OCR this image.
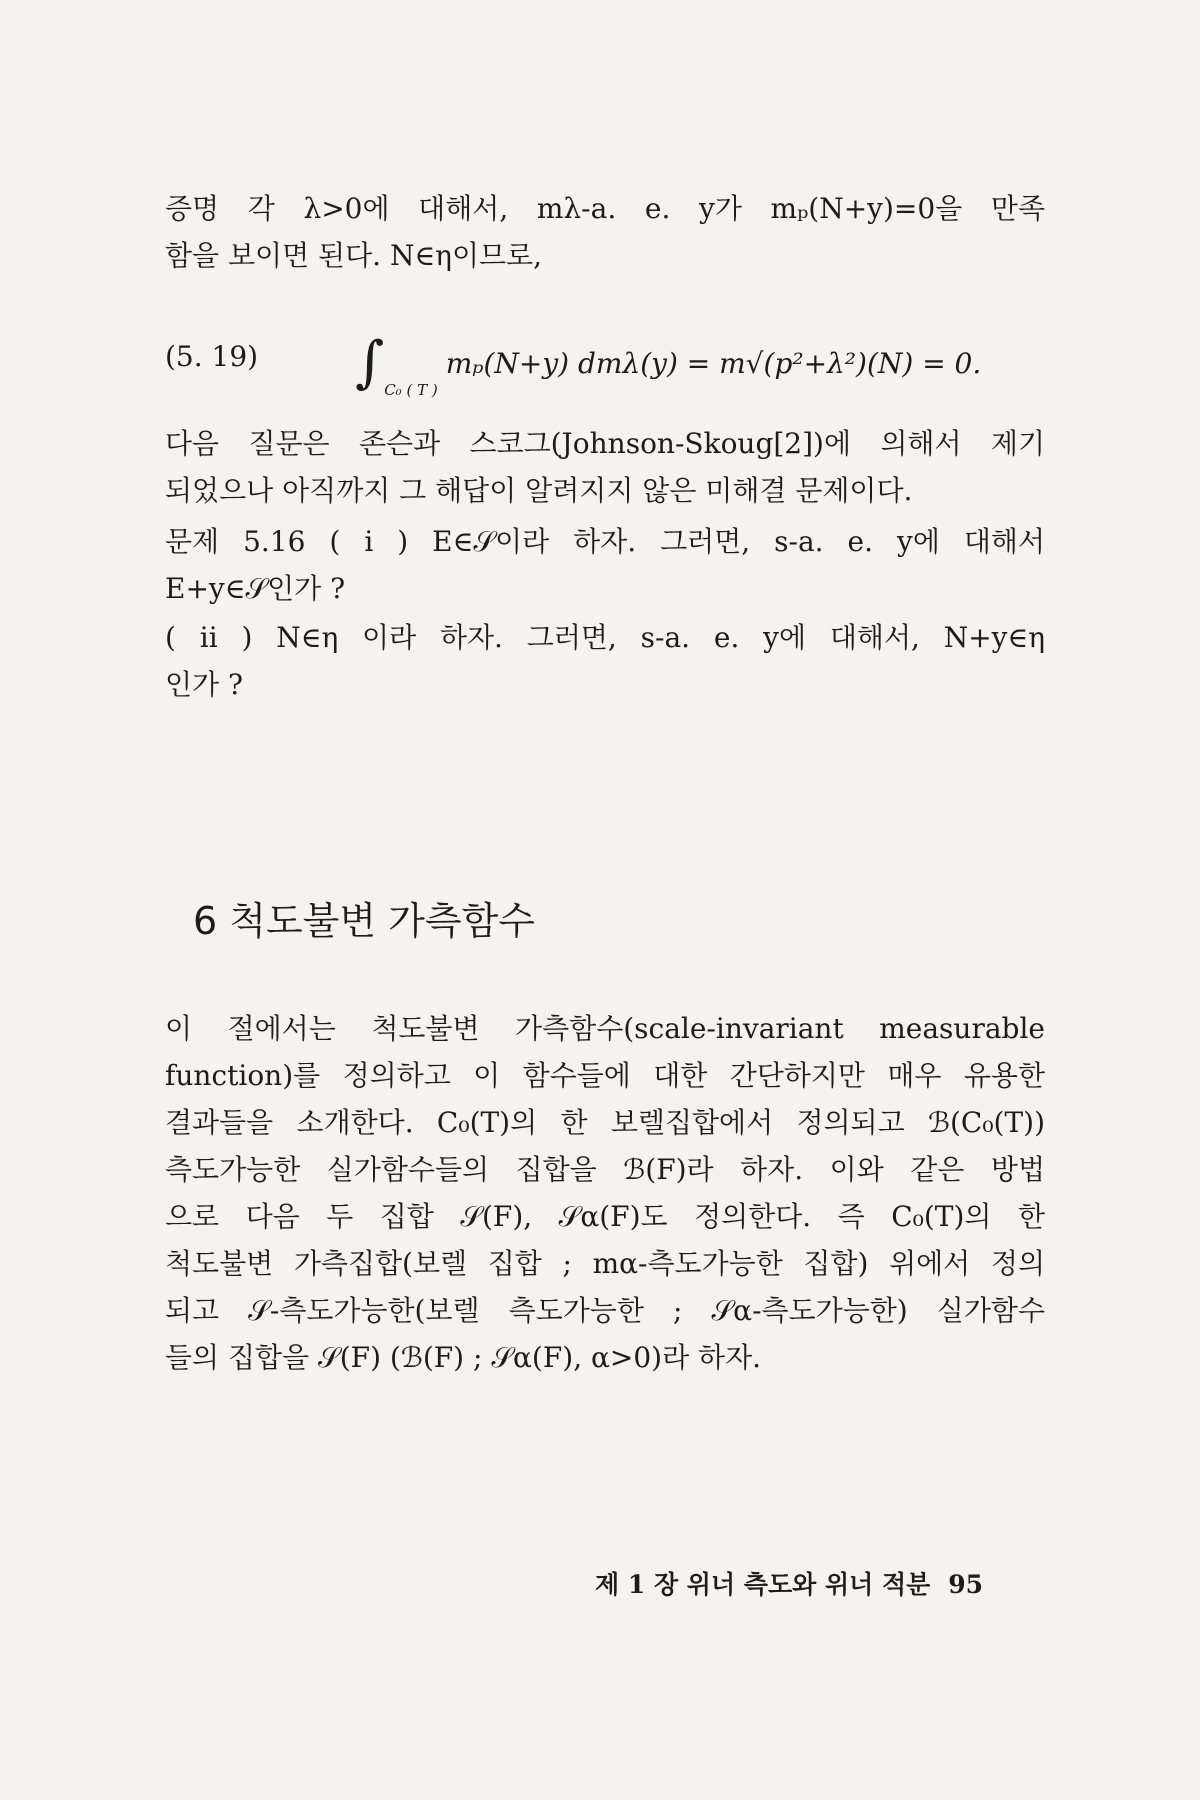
증명 각 λ>0에 대해서, mλ-a. e. y가 mₚ(N+y)=0을 만족
함을 보이면 된다. N∈η이므로,
(5. 19) $\int_{C_0 ( T )}m_p(N+y) dm\lambda(y) = m√(p^2+\lambda^2)(N) = 0$.
다음 질문은 존슨과 스코그(Johnson-Skoug[2])에 의해서 제기
되었으나 아직까지 그 해답이 알려지지 않은 미해결 문제이다.
문제 5.16 ( i ) E∈𝒮이라 하자. 그러면, s-a. e. y에 대해서
E+y∈𝒮인가 ?
( ii ) N∈η 이라 하자. 그러면, s-a. e. y에 대해서, N+y∈η
인가 ?
6 척도불변 가측함수
이 절에서는 척도불변 가측함수(scale-invariant measurable
function)를 정의하고 이 함수들에 대한 간단하지만 매우 유용한
결과들을 소개한다. C₀(T)의 한 보렐집합에서 정의되고 ℬ(C₀(T))
측도가능한 실가함수들의 집합을 ℬ(F)라 하자. 이와 같은 방법
으로 다음 두 집합 𝒮(F), 𝒮α(F)도 정의한다. 즉 C₀(T)의 한
척도불변 가측집합(보렐 집합 ; mα-측도가능한 집합) 위에서 정의
되고 𝒮-측도가능한(보렐 측도가능한 ; 𝒮α-측도가능한) 실가함수
들의 집합을 𝒮(F) (ℬ(F) ; 𝒮α(F), α>0)라 하자.
제 1 장 위너 측도와 위너 적분 95
